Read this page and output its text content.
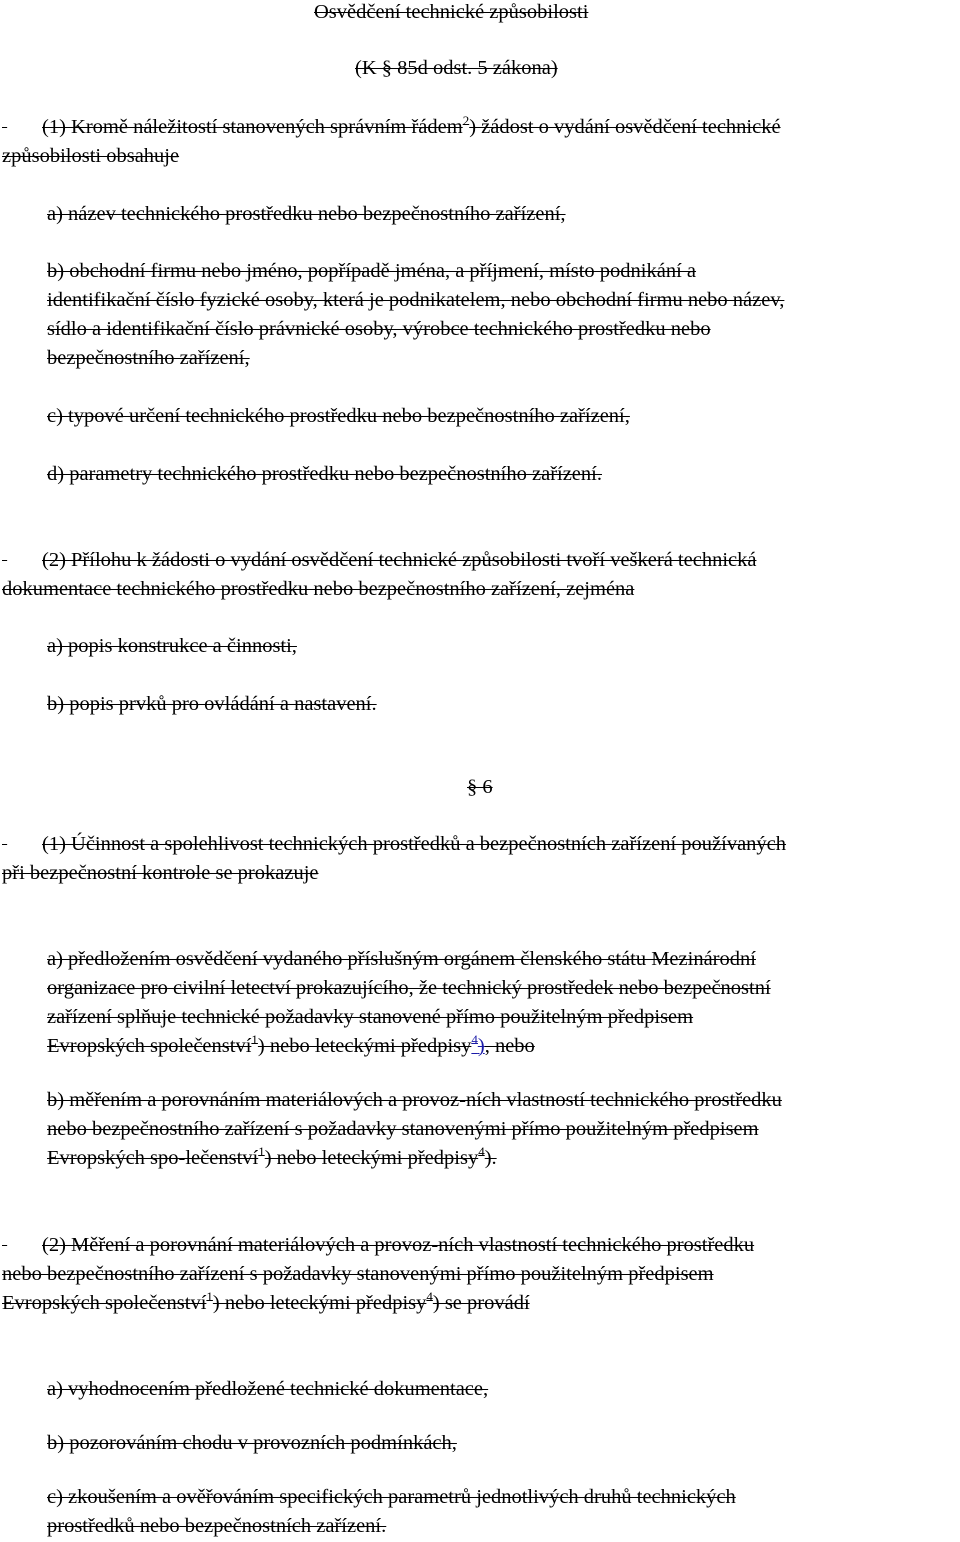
Osvědčení technické způsobilosti
(K § 85d odst. 5 zákona)
(1) Kromě náležitostí stanovených správním řádem$^2$) žádost o vydání osvědčení technické
způsobilosti obsahuje
a) název technického prostředku nebo bezpečnostního zařízení,
b) obchodní firmu nebo jméno, popřípadě jména, a příjmení, místo podnikání a
identifikační číslo fyzické osoby, která je podnikatelem, nebo obchodní firmu nebo název,
sídlo a identifikační číslo právnické osoby, výrobce technického prostředku nebo
bezpečnostního zařízení,
c) typové určení technického prostředku nebo bezpečnostního zařízení,
d) parametry technického prostředku nebo bezpečnostního zařízení.
(2) Přílohu k žádosti o vydání osvědčení technické způsobilosti tvoří veškerá technická
dokumentace technického prostředku nebo bezpečnostního zařízení, zejména
a) popis konstrukce a činnosti,
b) popis prvků pro ovládání a nastavení.
§ 6
(1) Účinnost a spolehlivost technických prostředků a bezpečnostních zařízení používaných
při bezpečnostní kontrole se prokazuje
a) předložením osvědčení vydaného příslušným orgánem členského státu Mezinárodní
organizace pro civilní letectví prokazujícího, že technický prostředek nebo bezpečnostní
zařízení splňuje technické požadavky stanovené přímo použitelným předpisem
Evropských společenství$^1$) nebo leteckými předpisy$^4$), nebo
b) měřením a porovnáním materiálových a provoz-ních vlastností technického prostředku
nebo bezpečnostního zařízení s požadavky stanovenými přímo použitelným předpisem
Evropských spo-lečenství$^1$) nebo leteckými předpisy$^4$).
(2) Měření a porovnání materiálových a provoz-ních vlastností technického prostředku
nebo bezpečnostního zařízení s požadavky stanovenými přímo použitelným předpisem
Evropských společenství$^1$) nebo leteckými předpisy$^4$) se provádí
a) vyhodnocením předložené technické dokumentace,
b) pozorováním chodu v provozních podmínkách,
c) zkoušením a ověřováním specifických parametrů jednotlivých druhů technických
prostředků nebo bezpečnostních zařízení.
